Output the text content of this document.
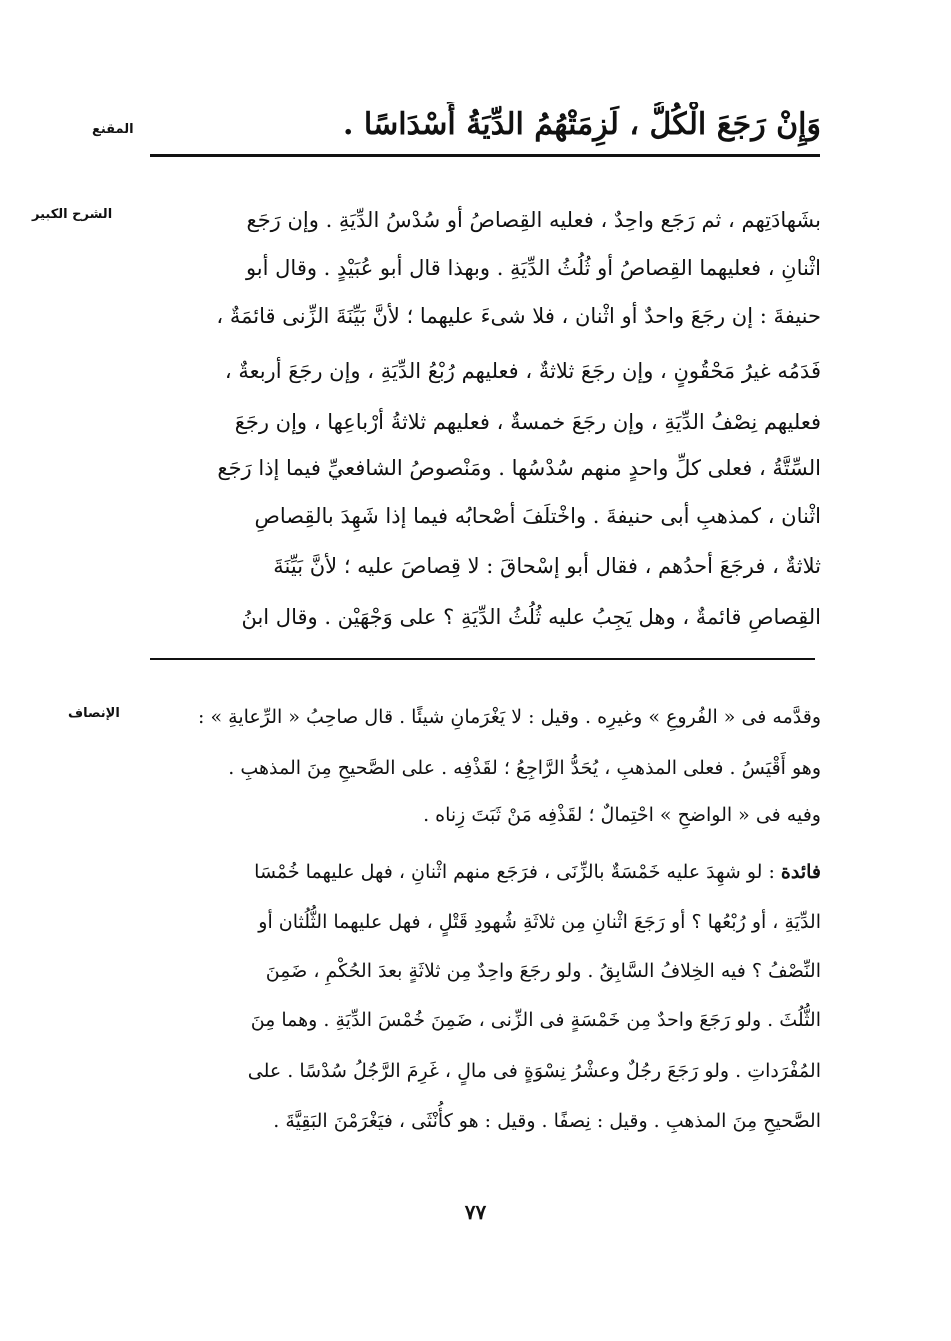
المقنع	وَإِنْ رَجَعَ الْكُلُّ ، لَزِمَتْهُمُ الدِّيَةُ أَسْدَاسًا .
الشرح الكبير	بشَهادَتِهم ، ثم رَجَع واحِدٌ ، فعليه القِصاصُ أو سُدْسُ الدِّيَةِ . وإن رَجَع
اثْنانِ ، فعليهما القِصاصُ أو ثُلُثُ الدِّيَةِ . وبهذا قال أبو عُبَيْدٍ . وقال أبو
حنيفةَ : إن رجَعَ واحدٌ أو اثْنان ، فلا شىءَ عليهما ؛ لأنَّ بَيِّنَةَ الزِّنى قائمَةٌ ،
فَدَمُه غيرُ مَحْقُونٍ ، وإن رجَعَ ثلاثةٌ ، فعليهم رُبْعُ الدِّيَةِ ، وإن رجَعَ أربعةٌ ،
فعليهم نِصْفُ الدِّيَةِ ، وإن رجَعَ خمسةٌ ، فعليهم ثلاثةُ أرْباعِها ، وإن رجَعَ
السِّتَّةُ ، فعلى كلِّ واحدٍ منهم سُدْسُها . ومَنْصوصُ الشافعيِّ فيما إذا رَجَع
اثْنان ، كمذهبِ أبى حنيفةَ . واخْتلَفَ أصْحابُه فيما إذا شَهِدَ بالقِصاصِ
ثلاثةٌ ، فرجَعَ أحدُهم ، فقال أبو إسْحاقَ : لا قِصاصَ عليه ؛ لأنَّ بَيِّنَةَ
القِصاصِ قائمةٌ ، وهل يَجِبُ عليه ثُلُثُ الدِّيَةِ ؟ على وَجْهَيْن . وقال ابنُ
الإنصاف	وقدَّمه فى « الفُروعِ » وغيرِه . وقيل : لا يَغْرَمانِ شيئًا . قال صاحِبُ « الرِّعايةِ » :
وهو أَقْيَسُ . فعلى المذهبِ ، يُحَدُّ الرَّاجِعُ ؛ لقَذْفِه . على الصَّحيحِ مِنَ المذهبِ .
وفيه فى « الواضحِ » احْتِمالٌ ؛ لقَذْفِه مَنْ ثَبَتَ زِناه .
فائدة : لو شهِدَ عليه خَمْسَةٌ بالزِّنَى ، فرَجَع منهم اثْنانِ ، فهل عليهما خُمْسَا
الدِّيَةِ ، أو رُبْعُها ؟ أو رَجَعَ اثْنانِ مِن ثلاثَةِ شُهودِ قَتْلٍ ، فهل عليهما الثُّلُثان أو
النِّصْفُ ؟ فيه الخِلافُ السَّابِقُ . ولو رجَعَ واحِدٌ مِن ثلاثَةٍ بعدَ الحُكْمِ ، ضَمِنَ
الثُّلُثَ . ولو رَجَعَ واحدٌ مِن خَمْسَةٍ فى الزِّنى ، ضَمِنَ خُمْسَ الدِّيَةِ . وهما مِنَ
المُفْرَداتِ . ولو رَجَعَ رجُلٌ وعشْرُ نِسْوَةٍ فى مالٍ ، غَرِمَ الرَّجُلُ سُدْسًا . على
الصَّحيحِ مِنَ المذهبِ . وقيل : نِصفًا . وقيل : هو كأُنْثَى ، فيَغْرَمْنَ البَقِيَّةَ .
٧٧
